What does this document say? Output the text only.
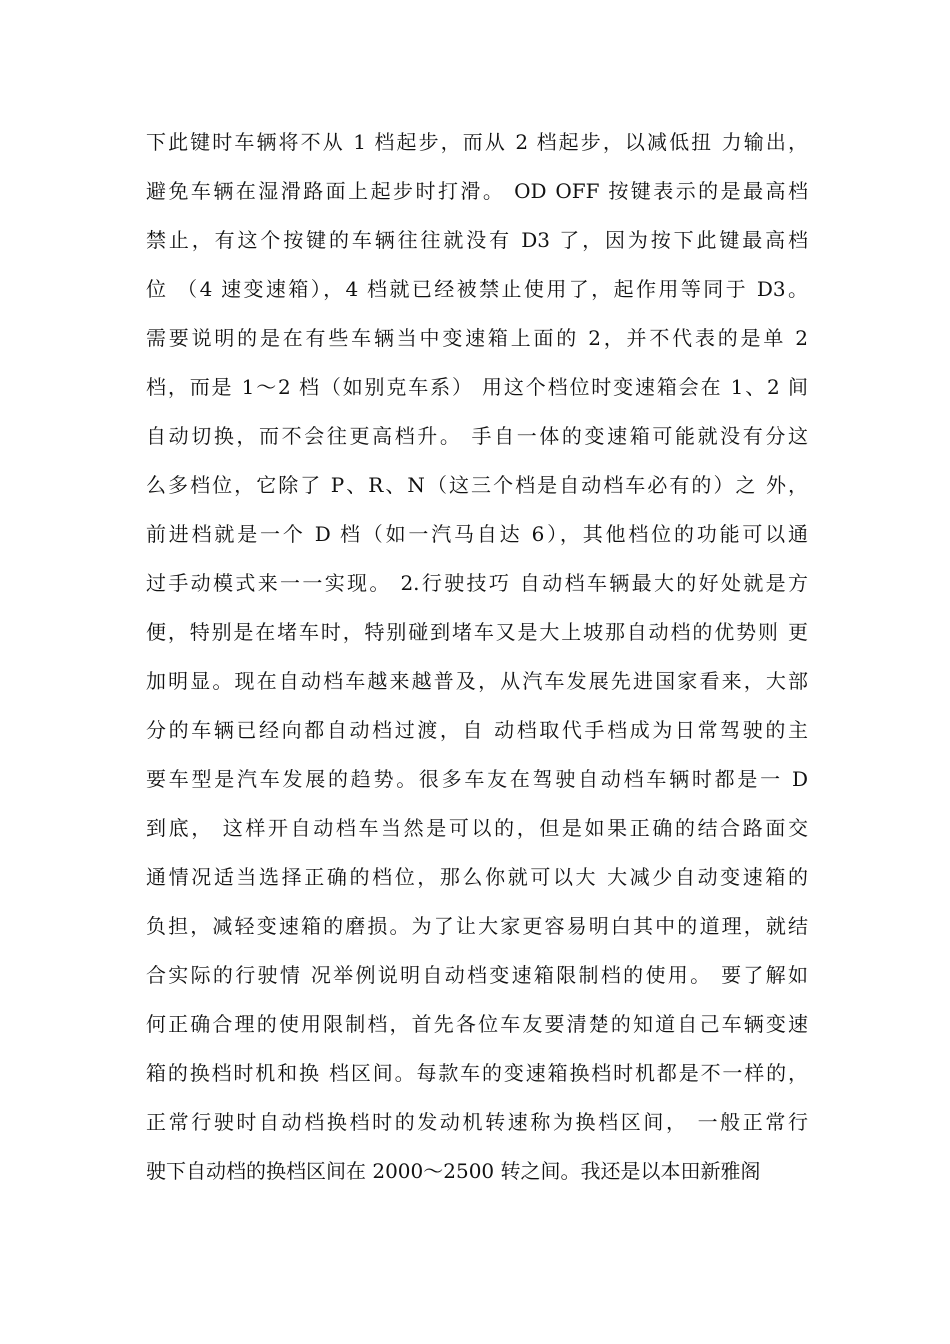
下此键时车辆将不从 1 档起步，而从 2 档起步，以减低扭 力输出，
避免车辆在湿滑路面上起步时打滑。 OD OFF 按键表示的是最高档
禁止，有这个按键的车辆往往就没有 D3 了，因为按下此键最高档
位 （4 速变速箱），4 档就已经被禁止使用了，起作用等同于 D3。
需要说明的是在有些车辆当中变速箱上面的 2，并不代表的是单 2
档，而是 1～2 档（如别克车系） 用这个档位时变速箱会在 1、2 间
自动切换，而不会往更高档升。 手自一体的变速箱可能就没有分这
么多档位，它除了 P、R、N（这三个档是自动档车必有的）之 外，
前进档就是一个 D 档（如一汽马自达 6），其他档位的功能可以通
过手动模式来一一实现。 2.行驶技巧 自动档车辆最大的好处就是方
便，特别是在堵车时，特别碰到堵车又是大上坡那自动档的优势则 更
加明显。现在自动档车越来越普及，从汽车发展先进国家看来，大部
分的车辆已经向都自动档过渡，自 动档取代手档成为日常驾驶的主
要车型是汽车发展的趋势。很多车友在驾驶自动档车辆时都是一 D
到底， 这样开自动档车当然是可以的，但是如果正确的结合路面交
通情况适当选择正确的档位，那么你就可以大 大减少自动变速箱的
负担，减轻变速箱的磨损。为了让大家更容易明白其中的道理，就结
合实际的行驶情 况举例说明自动档变速箱限制档的使用。 要了解如
何正确合理的使用限制档，首先各位车友要清楚的知道自己车辆变速
箱的换档时机和换 档区间。每款车的变速箱换档时机都是不一样的，
正常行驶时自动档换档时的发动机转速称为换档区间， 一般正常行
驶下自动档的换档区间在 2000～2500 转之间。我还是以本田新雅阁
